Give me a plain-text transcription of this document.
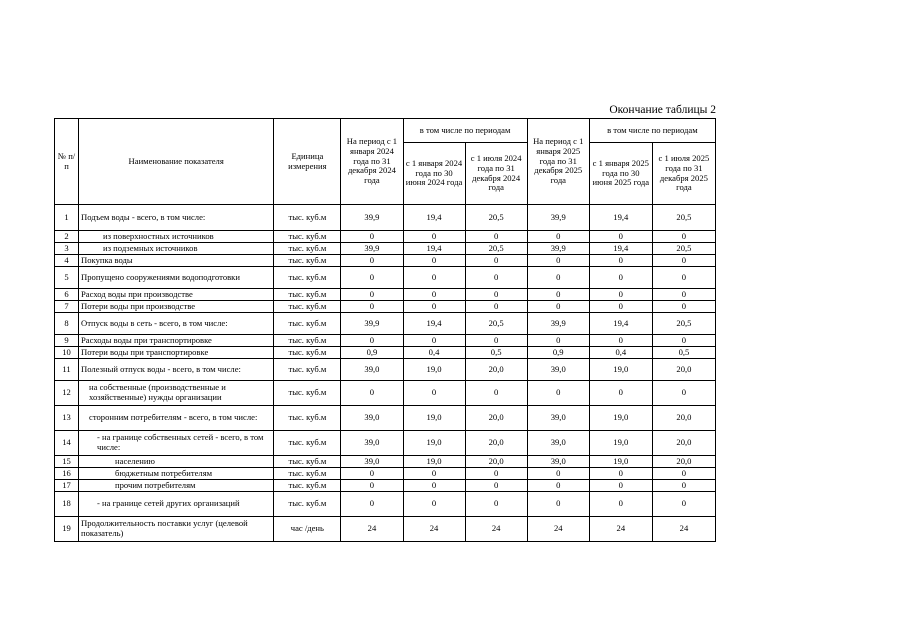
Окончание таблицы 2
№ п/п	Наименование показателя	Единица измерения	На период с 1 января 2024 года по 31 декабря 2024 года	в том числе по периодам		На период с 1 января 2025 года по 31 декабря 2025 года	в том числе по периодам	
				с 1 января 2024 года по 30 июня 2024 года	с 1 июля 2024 года по 31 декабря 2024 года		с 1 января 2025 года по 30 июня 2025 года	с 1 июля 2025 года по 31 декабря 2025 года
1	Подъем воды - всего, в том числе:	тыс. куб.м	39,9	19,4	20,5	39,9	19,4	20,5
2	из поверхностных источников	тыс. куб.м	0	0	0	0	0	0
3	из подземных источников	тыс. куб.м	39,9	19,4	20,5	39,9	19,4	20,5
4	Покупка воды	тыс. куб.м	0	0	0	0	0	0
5	Пропущено сооружениями водоподготовки	тыс. куб.м	0	0	0	0	0	0
6	Расход воды при производстве	тыс. куб.м	0	0	0	0	0	0
7	Потери воды при производстве	тыс. куб.м	0	0	0	0	0	0
8	Отпуск воды в сеть - всего, в том числе:	тыс. куб.м	39,9	19,4	20,5	39,9	19,4	20,5
9	Расходы воды при транспортировке	тыс. куб.м	0	0	0	0	0	0
10	Потери воды при транспортировке	тыс. куб.м	0,9	0,4	0,5	0,9	0,4	0,5
11	Полезный отпуск воды - всего, в том числе:	тыс. куб.м	39,0	19,0	20,0	39,0	19,0	20,0
12	на собственные (производственные и хозяйственные) нужды организации	тыс. куб.м	0	0	0	0	0	0
13	сторонним потребителям - всего, в том числе:	тыс. куб.м	39,0	19,0	20,0	39,0	19,0	20,0
14	- на границе собственных сетей - всего, в том числе:	тыс. куб.м	39,0	19,0	20,0	39,0	19,0	20,0
15	населению	тыс. куб.м	39,0	19,0	20,0	39,0	19,0	20,0
16	бюджетным потребителям	тыс. куб.м	0	0	0	0	0	0
17	прочим потребителям	тыс. куб.м	0	0	0	0	0	0
18	- на границе сетей других организаций	тыс. куб.м	0	0	0	0	0	0
19	Продолжительность поставки услуг (целевой показатель)	час /день	24	24	24	24	24	24
